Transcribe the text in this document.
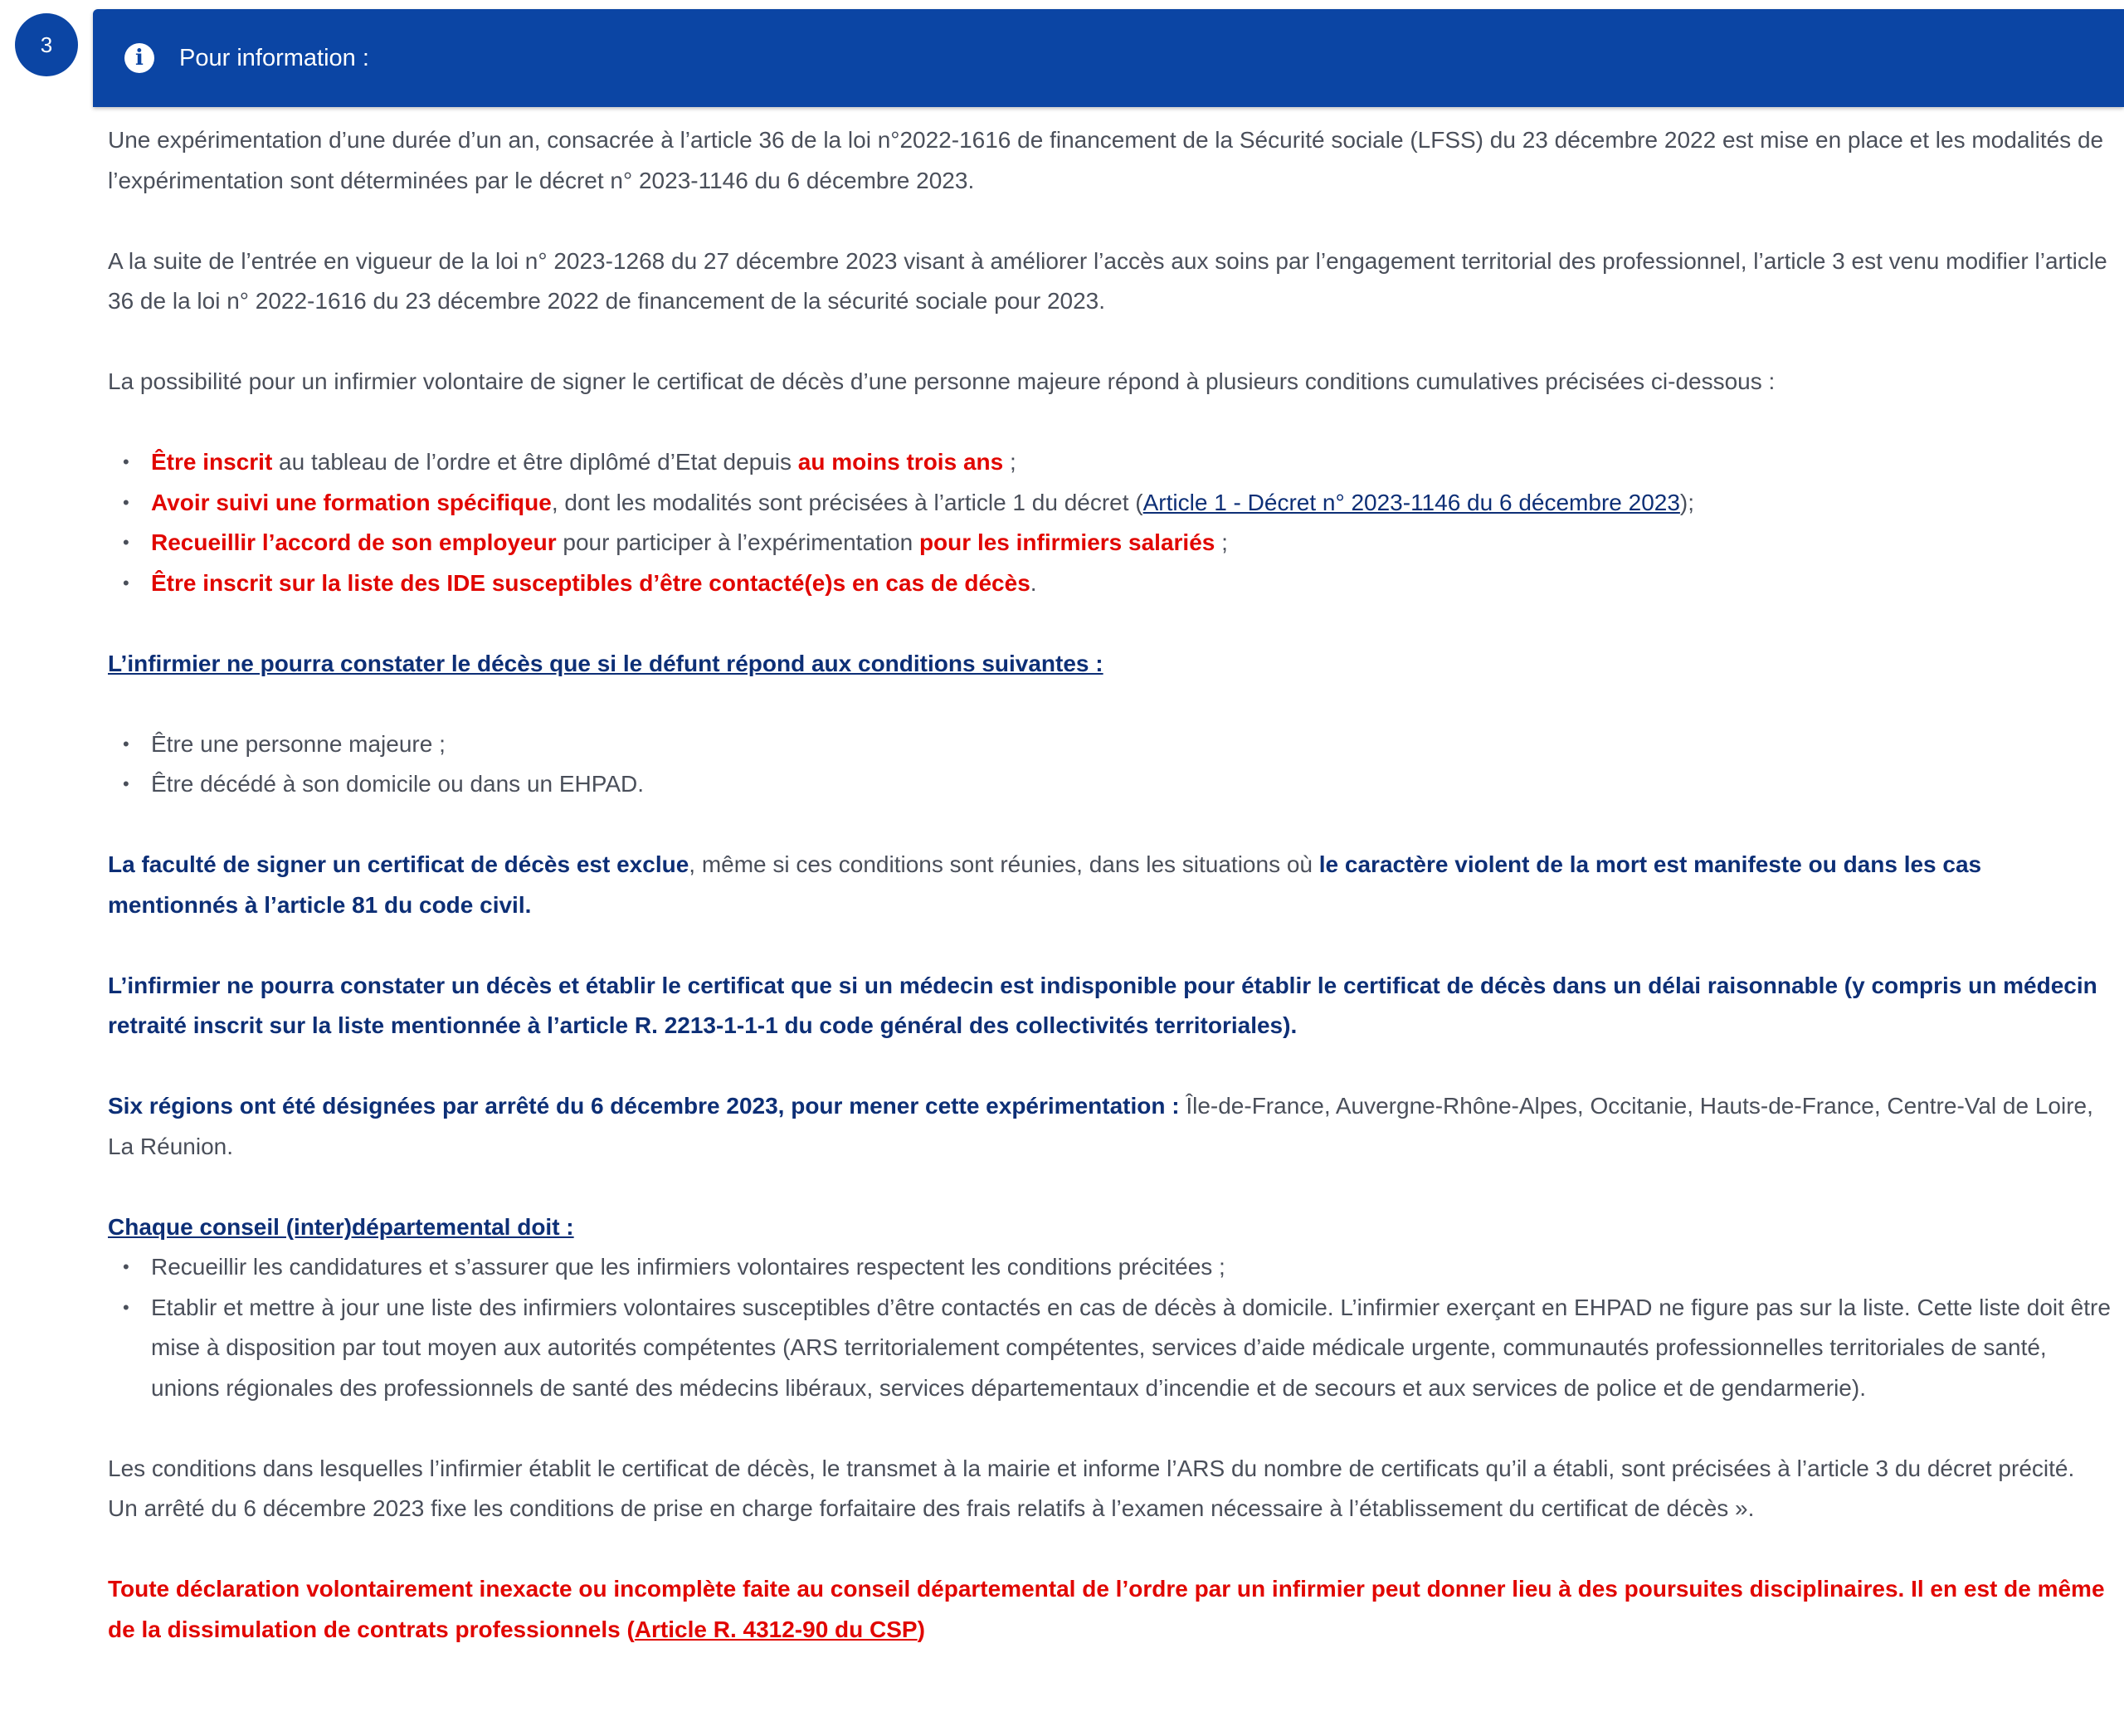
3
i	Pour information :

Une expérimentation d’une durée d’un an, consacrée à l’article 36 de la loi n°2022-1616 de financement de la Sécurité sociale (LFSS) du 23 décembre 2022 est mise en place et les modalités de l’expérimentation sont déterminées par le décret n° 2023-1146 du 6 décembre 2023.

A la suite de l’entrée en vigueur de la loi n° 2023-1268 du 27 décembre 2023 visant à améliorer l’accès aux soins par l’engagement territorial des professionnel, l’article 3 est venu modifier l’article 36 de la loi n° 2022-1616 du 23 décembre 2022 de financement de la sécurité sociale pour 2023.

La possibilité pour un infirmier volontaire de signer le certificat de décès d’une personne majeure répond à plusieurs conditions cumulatives précisées ci-dessous :

• Être inscrit au tableau de l’ordre et être diplômé d’Etat depuis au moins trois ans ;
• Avoir suivi une formation spécifique, dont les modalités sont précisées à l’article 1 du décret (Article 1 - Décret n° 2023-1146 du 6 décembre 2023);
• Recueillir l’accord de son employeur pour participer à l’expérimentation pour les infirmiers salariés ;
• Être inscrit sur la liste des IDE susceptibles d’être contacté(e)s en cas de décès.

L’infirmier ne pourra constater le décès que si le défunt répond aux conditions suivantes :

• Être une personne majeure ;
• Être décédé à son domicile ou dans un EHPAD.

La faculté de signer un certificat de décès est exclue, même si ces conditions sont réunies, dans les situations où le caractère violent de la mort est manifeste ou dans les cas mentionnés à l’article 81 du code civil.

L’infirmier ne pourra constater un décès et établir le certificat que si un médecin est indisponible pour établir le certificat de décès dans un délai raisonnable (y compris un médecin retraité inscrit sur la liste mentionnée à l’article R. 2213-1-1-1 du code général des collectivités territoriales).

Six régions ont été désignées par arrêté du 6 décembre 2023, pour mener cette expérimentation : Île-de-France, Auvergne-Rhône-Alpes, Occitanie, Hauts-de-France, Centre-Val de Loire, La Réunion.

Chaque conseil (inter)départemental doit :

• Recueillir les candidatures et s’assurer que les infirmiers volontaires respectent les conditions précitées ;
• Etablir et mettre à jour une liste des infirmiers volontaires susceptibles d’être contactés en cas de décès à domicile. L’infirmier exerçant en EHPAD ne figure pas sur la liste. Cette liste doit être mise à disposition par tout moyen aux autorités compétentes (ARS territorialement compétentes, services d’aide médicale urgente, communautés professionnelles territoriales de santé, unions régionales des professionnels de santé des médecins libéraux, services départementaux d’incendie et de secours et aux services de police et de gendarmerie).

Les conditions dans lesquelles l’infirmier établit le certificat de décès, le transmet à la mairie et informe l’ARS du nombre de certificats qu’il a établi, sont précisées à l’article 3 du décret précité.

Un arrêté du 6 décembre 2023 fixe les conditions de prise en charge forfaitaire des frais relatifs à l’examen nécessaire à l’établissement du certificat de décès ».

Toute déclaration volontairement inexacte ou incomplète faite au conseil départemental de l’ordre par un infirmier peut donner lieu à des poursuites disciplinaires. Il en est de même de la dissimulation de contrats professionnels (Article R. 4312-90 du CSP)
